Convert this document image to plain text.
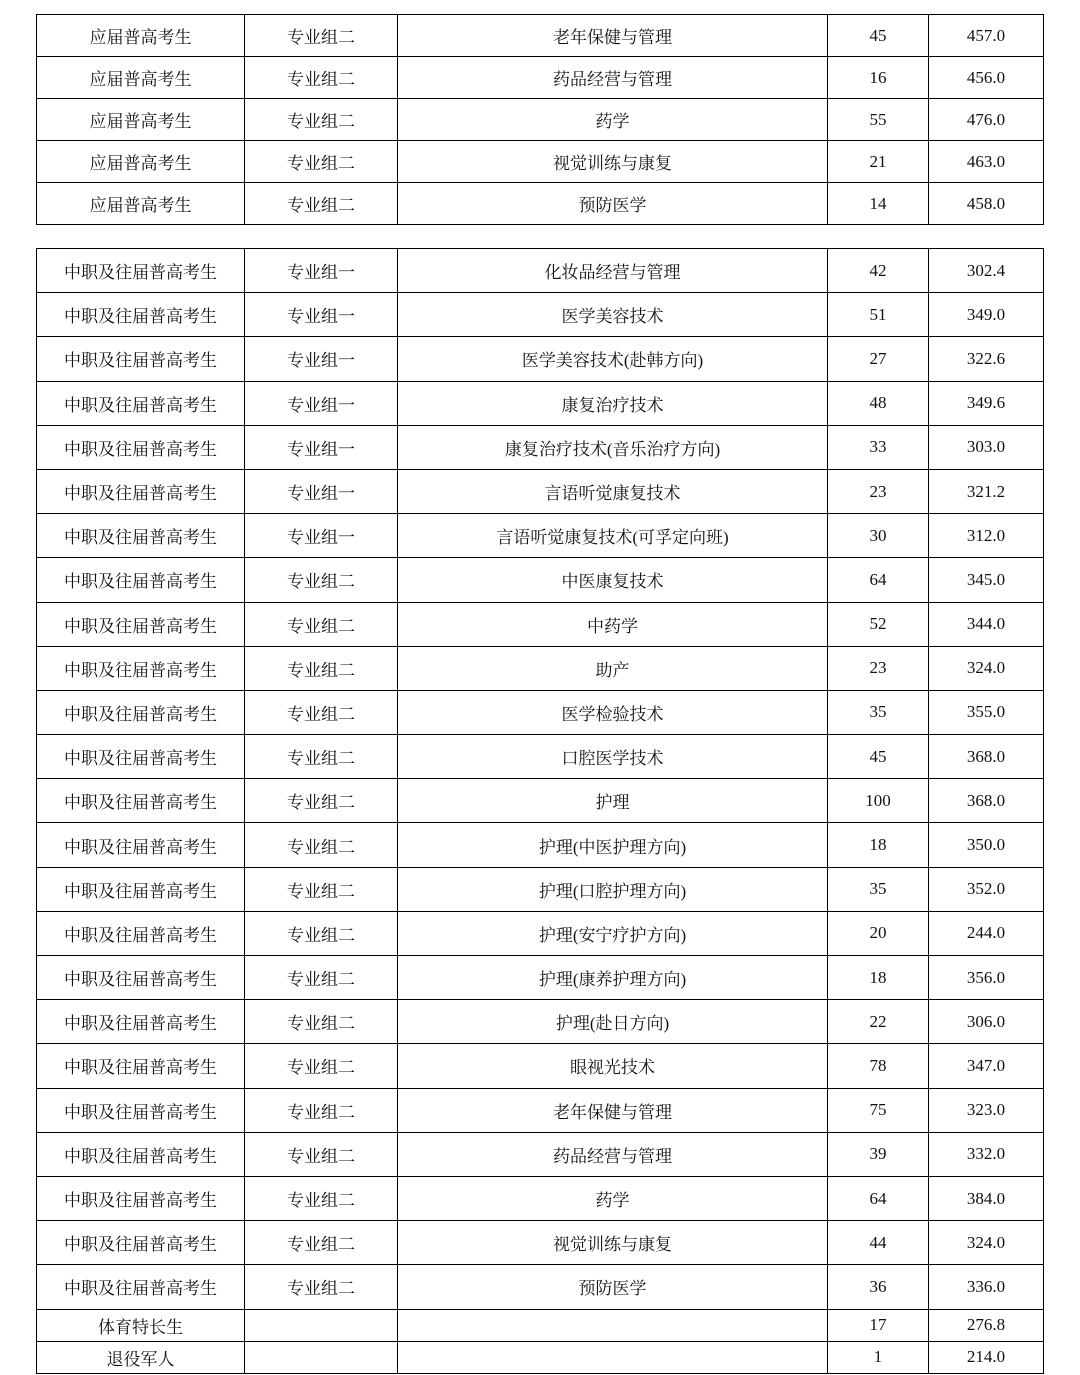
应届普高考生	专业组二	老年保健与管理	45	457.0
应届普高考生	专业组二	药品经营与管理	16	456.0
应届普高考生	专业组二	药学	55	476.0
应届普高考生	专业组二	视觉训练与康复	21	463.0
应届普高考生	专业组二	预防医学	14	458.0
中职及往届普高考生	专业组一	化妆品经营与管理	42	302.4
中职及往届普高考生	专业组一	医学美容技术	51	349.0
中职及往届普高考生	专业组一	医学美容技术(赴韩方向)	27	322.6
中职及往届普高考生	专业组一	康复治疗技术	48	349.6
中职及往届普高考生	专业组一	康复治疗技术(音乐治疗方向)	33	303.0
中职及往届普高考生	专业组一	言语听觉康复技术	23	321.2
中职及往届普高考生	专业组一	言语听觉康复技术(可孚定向班)	30	312.0
中职及往届普高考生	专业组二	中医康复技术	64	345.0
中职及往届普高考生	专业组二	中药学	52	344.0
中职及往届普高考生	专业组二	助产	23	324.0
中职及往届普高考生	专业组二	医学检验技术	35	355.0
中职及往届普高考生	专业组二	口腔医学技术	45	368.0
中职及往届普高考生	专业组二	护理	100	368.0
中职及往届普高考生	专业组二	护理(中医护理方向)	18	350.0
中职及往届普高考生	专业组二	护理(口腔护理方向)	35	352.0
中职及往届普高考生	专业组二	护理(安宁疗护方向)	20	244.0
中职及往届普高考生	专业组二	护理(康养护理方向)	18	356.0
中职及往届普高考生	专业组二	护理(赴日方向)	22	306.0
中职及往届普高考生	专业组二	眼视光技术	78	347.0
中职及往届普高考生	专业组二	老年保健与管理	75	323.0
中职及往届普高考生	专业组二	药品经营与管理	39	332.0
中职及往届普高考生	专业组二	药学	64	384.0
中职及往届普高考生	专业组二	视觉训练与康复	44	324.0
中职及往届普高考生	专业组二	预防医学	36	336.0
体育特长生			17	276.8
退役军人			1	214.0
